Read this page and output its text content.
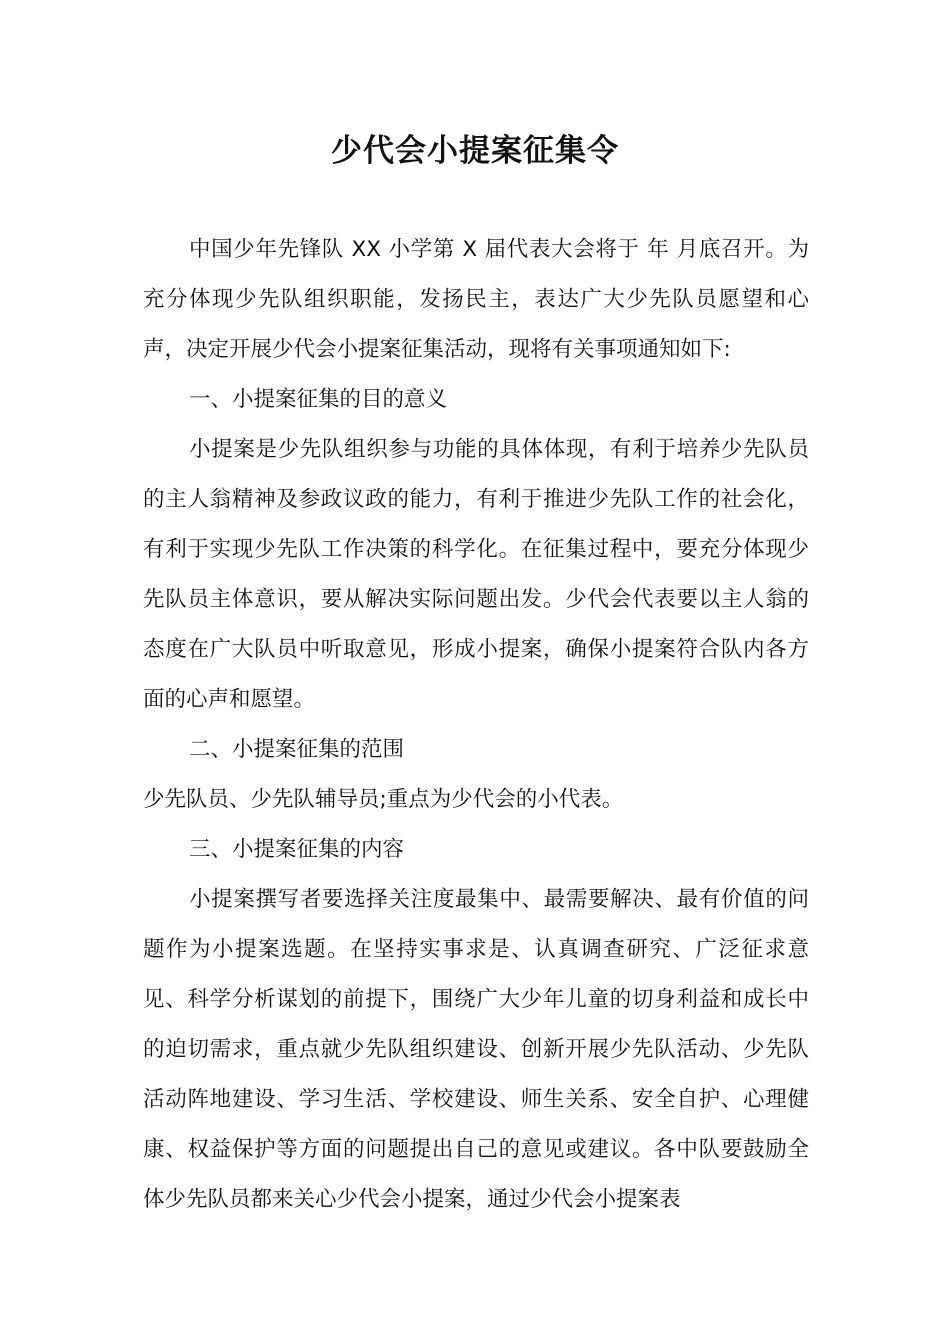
少代会小提案征集令

中国少年先锋队 XX 小学第 X 届代表大会将于 年 月底召开。为充分体现少先队组织职能，发扬民主，表达广大少先队员愿望和心声，决定开展少代会小提案征集活动，现将有关事项通知如下:

一、小提案征集的目的意义

小提案是少先队组织参与功能的具体体现，有利于培养少先队员的主人翁精神及参政议政的能力，有利于推进少先队工作的社会化，有利于实现少先队工作决策的科学化。在征集过程中，要充分体现少先队员主体意识，要从解决实际问题出发。少代会代表要以主人翁的态度在广大队员中听取意见，形成小提案，确保小提案符合队内各方面的心声和愿望。

二、小提案征集的范围

少先队员、少先队辅导员;重点为少代会的小代表。

三、小提案征集的内容

小提案撰写者要选择关注度最集中、最需要解决、最有价值的问题作为小提案选题。在坚持实事求是、认真调查研究、广泛征求意见、科学分析谋划的前提下，围绕广大少年儿童的切身利益和成长中的迫切需求，重点就少先队组织建设、创新开展少先队活动、少先队活动阵地建设、学习生活、学校建设、师生关系、安全自护、心理健康、权益保护等方面的问题提出自己的意见或建议。各中队要鼓励全体少先队员都来关心少代会小提案，通过少代会小提案表
